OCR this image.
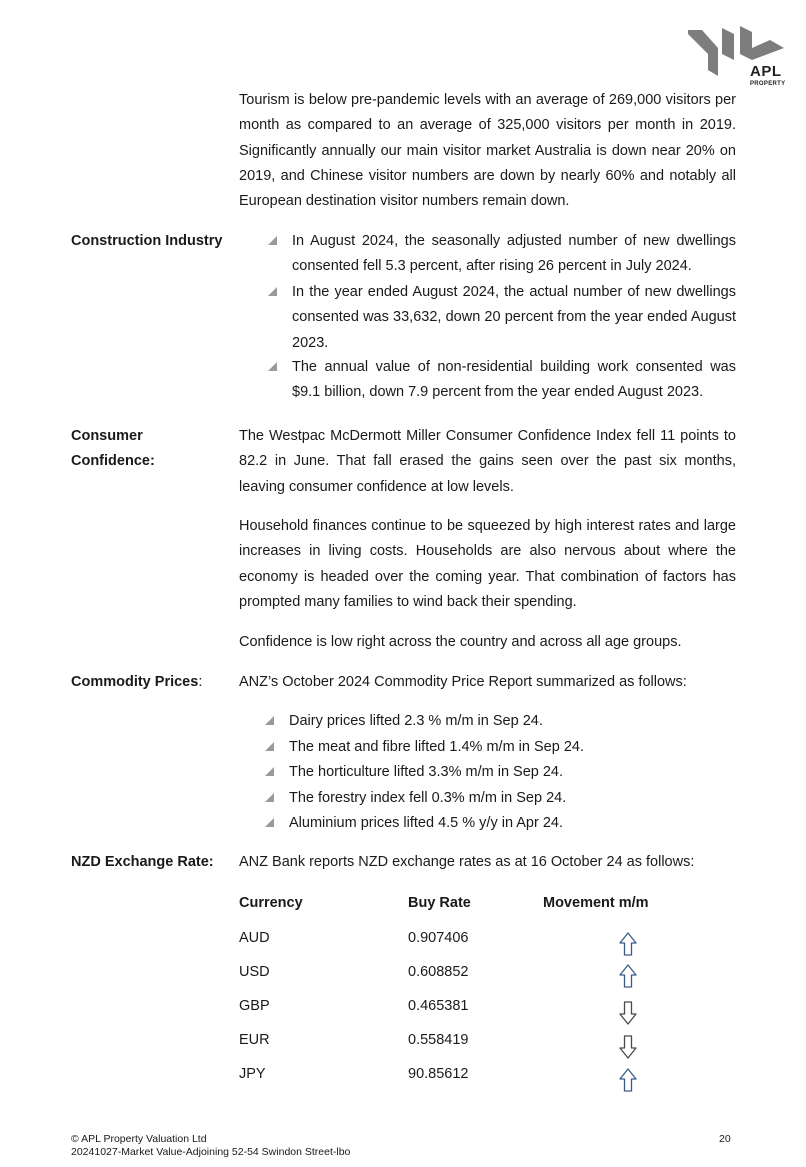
APL
PROPERTY

Tourism is below pre-pandemic levels with an average of 269,000 visitors per month as compared to an average of 325,000 visitors per month in 2019. Significantly annually our main visitor market Australia is down near 20% on 2019, and Chinese visitor numbers are down by nearly 60% and notably all European destination visitor numbers remain down.

Construction Industry	In August 2024, the seasonally adjusted number of new dwellings consented fell 5.3 percent, after rising 26 percent in July 2024.
In the year ended August 2024, the actual number of new dwellings consented was 33,632, down 20 percent from the year ended August 2023.
The annual value of non-residential building work consented was $9.1 billion, down 7.9 percent from the year ended August 2023.
Consumer
Confidence:

The Westpac McDermott Miller Consumer Confidence Index fell 11 points to 82.2 in June. That fall erased the gains seen over the past six months, leaving consumer confidence at low levels.

Household finances continue to be squeezed by high interest rates and large increases in living costs. Households are also nervous about where the economy is headed over the coming year. That combination of factors has prompted many families to wind back their spending.

Confidence is low right across the country and across all age groups.

Commodity Prices:	ANZ’s October 2024 Commodity Price Report summarized as follows:

Dairy prices lifted 2.3 % m/m in Sep 24.
The meat and fibre lifted 1.4% m/m in Sep 24.
The horticulture lifted 3.3% m/m in Sep 24.
The forestry index fell 0.3% m/m in Sep 24.
Aluminium prices lifted 4.5 % y/y in Apr 24.
NZD Exchange Rate: ANZ Bank reports NZD exchange rates as at 16 October 24 as follows:

Currency	Buy Rate	Movement m/m
AUD	0.907406
USD	0.608852
GBP	0.465381
EUR	0.558419
JPY	90.85612
© APL Property Valuation Ltd
20241027-Market Value-Adjoining 52-54 Swindon Street-lbo
20
